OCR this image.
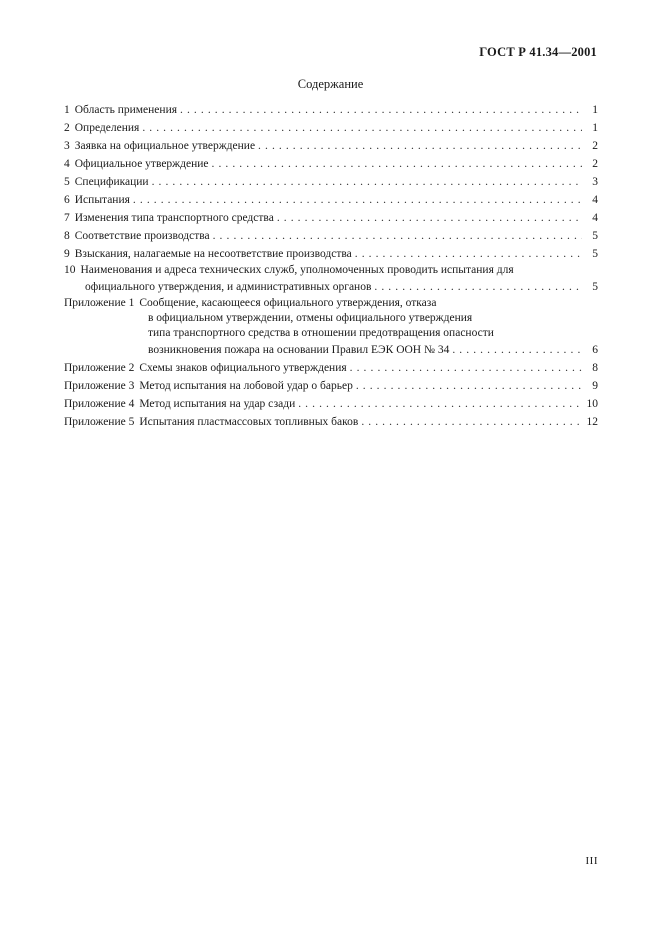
ГОСТ Р 41.34—2001
Содержание
1 Область применения . . .	1
2 Определения . . .	1
3 Заявка на официальное утверждение . . .	2
4 Официальное утверждение . . .	2
5 Спецификации . . .	3
6 Испытания . . .	4
7 Изменения типа транспортного средства . . .	4
8 Соответствие производства . . .	5
9 Взыскания, налагаемые на несоответствие производства . . .	5
10 Наименования и адреса технических служб, уполномоченных проводить испытания для
официального утверждения, и административных органов . . .	5
Приложение 1 Сообщение, касающееся официального утверждения, отказа
в официальном утверждении, отмены официального утверждения
типа транспортного средства в отношении предотвращения опасности
возникновения пожара на основании Правил ЕЭК ООН № 34 . . .	6
Приложение 2 Схемы знаков официального утверждения . . .	8
Приложение 3 Метод испытания на лобовой удар о барьер . . .	9
Приложение 4 Метод испытания на удар сзади . . .	10
Приложение 5 Испытания пластмассовых топливных баков . . .	12
III
